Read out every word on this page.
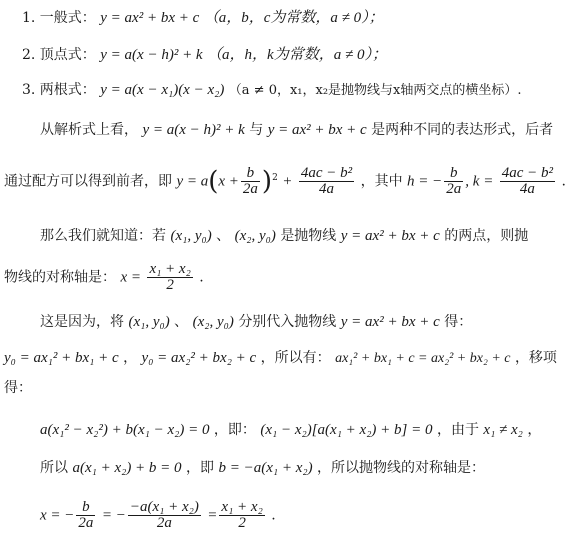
1. 一般式： y = ax² + bx + c （a，b，c为常数，a ≠ 0）；
2. 顶点式： y = a(x − h)² + k （a，h，k为常数，a ≠ 0）；
3. 两根式： y = a(x − x₁)(x − x₂) （a ≠ 0，x₁，x₂是抛物线与x轴两交点的横坐标）.
从解析式上看， y = a(x − h)² + k 与 y = ax² + bx + c 是两种不同的表达形式，后者
通过配方可以得到前者，即 $y = a(x + \frac{b}{2a} )^2 + \frac{\text{4ac − b²}}{4a}$ ，其中 h = − $\frac{b}{2a}$ , $k = \frac{\text{4ac − b²}}{4a}$ .
那么我们就知道：若 (x₁, y₀) 、 (x₂, y₀) 是抛物线 y = ax² + bx + c 的两点，则抛
物线的对称轴是： $x = \frac{\text{x₁ + x₂}}{2}$ .
这是因为，将 (x₁, y₀) 、 (x₂, y₀) 分别代入抛物线 y = ax² + bx + c 得：
y₀ = ax₁² + bx₁ + c ， y₀ = ax₂² + bx₂ + c ，所以有： ax₁² + bx₁ + c = ax₂² + bx₂ + c ，移项
得：
a(x₁² − x₂²) + b(x₁ − x₂) = 0 ，即： (x₁ − x₂)[a(x₁ + x₂) + b] = 0 ，由于 x₁ ≠ x₂ ，
所以 a(x₁ + x₂) + b = 0 ，即 b = −a(x₁ + x₂) ，所以抛物线的对称轴是：
x = − $\frac{b}{2a}$ = − $\frac{\text{−a(x₁ + x₂)}}{2a} = \frac{\text{x₁ + x₂}}{2}$ .
